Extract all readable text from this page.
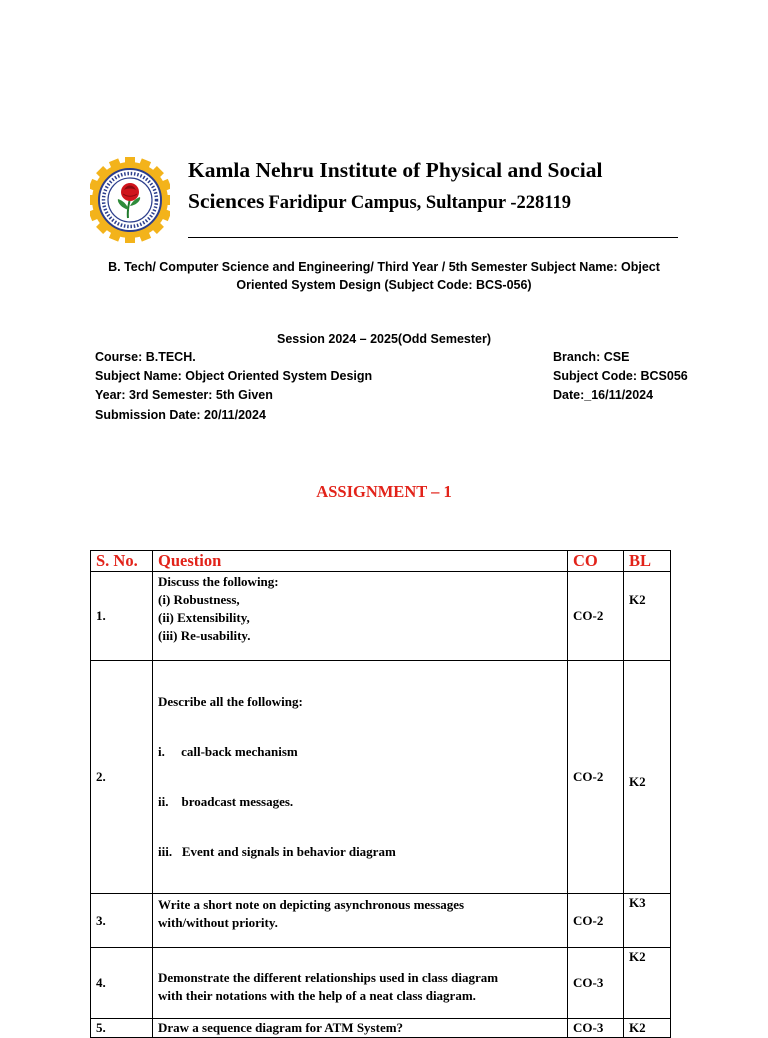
Kamla Nehru Institute of Physical and Social
Sciences Faridipur Campus, Sultanpur -228119
B. Tech/ Computer Science and Engineering/ Third Year / 5th Semester Subject Name: Object Oriented System Design (Subject Code: BCS-056)
Session 2024 – 2025(Odd Semester)
Course: B.TECH.
Subject Name: Object Oriented System Design
Year: 3rd Semester: 5th Given
Submission Date: 20/11/2024
Branch: CSE
Subject Code: BCS056
Date:_16/11/2024
ASSIGNMENT – 1
S. No.	Question	CO	BL
1.	Discuss the following:
(i) Robustness,
(ii) Extensibility,
(iii) Re-usability.	CO-2	K2
2.	Describe all the following:

i.     call-back mechanism

ii.    broadcast messages.

iii.   Event and signals in behavior diagram	CO-2	K2
3.	Write a short note on depicting asynchronous messages
with/without priority.	CO-2	K3
4.	Demonstrate the different relationships used in class diagram
with their notations with the help of a neat class diagram.	CO-3	K2
5.	Draw a sequence diagram for ATM System?	CO-3	K2
